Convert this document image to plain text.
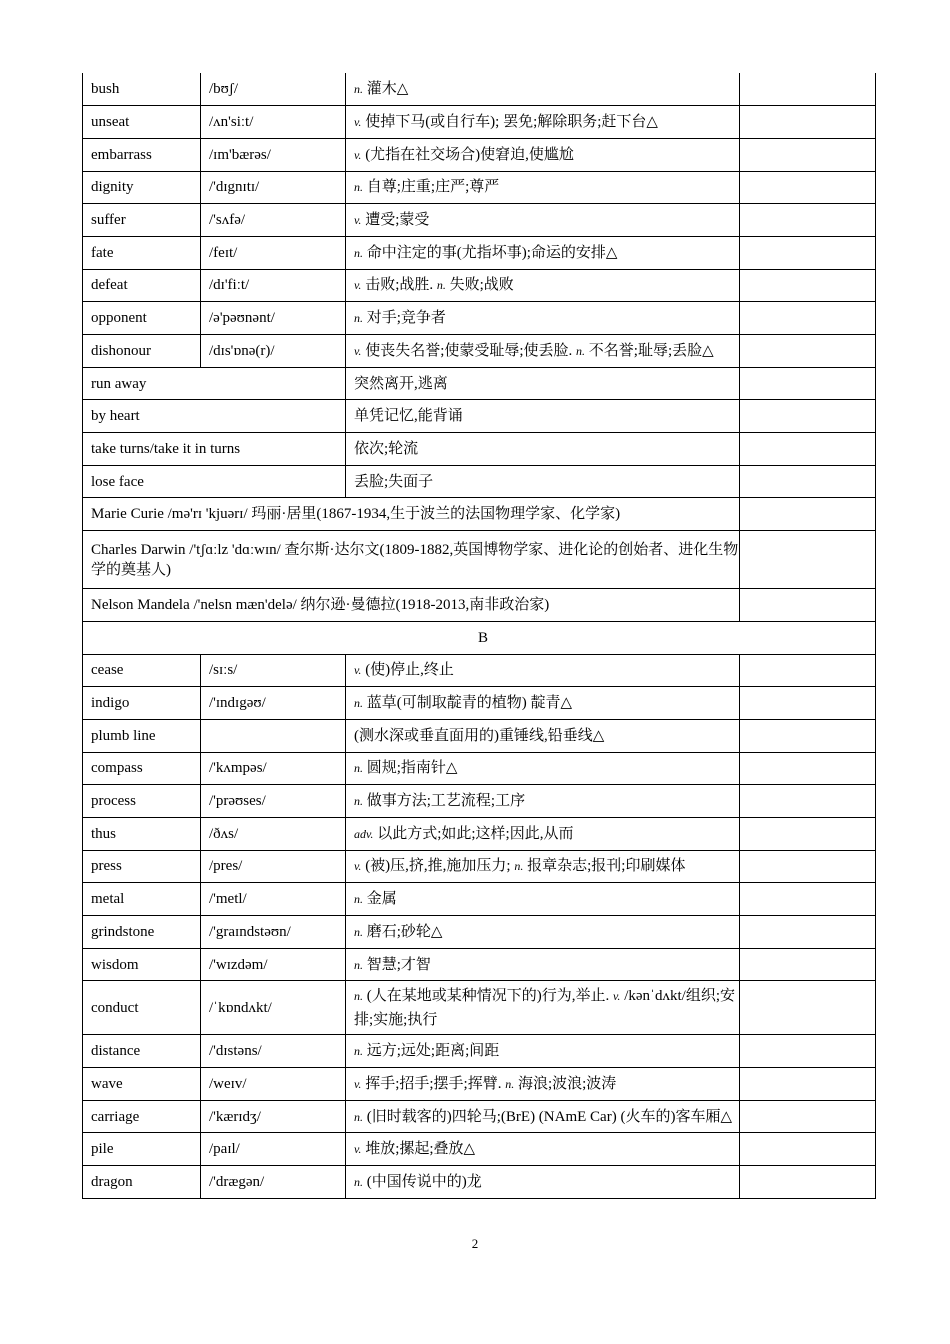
bush	/bʊʃ/	n. 灌木△	
unseat	/ʌn'siːt/	v. 使掉下马(或自行车); 罢免;解除职务;赶下台△	
embarrass	/ɪm'bærəs/	v. (尤指在社交场合)使窘迫,使尴尬	
dignity	/'dɪgnɪtɪ/	n. 自尊;庄重;庄严;尊严	
suffer	/'sʌfə/	v. 遭受;蒙受	
fate	/feɪt/	n. 命中注定的事(尤指坏事);命运的安排△	
defeat	/dɪ'fiːt/	v. 击败;战胜. n. 失败;战败	
opponent	/ə'pəʊnənt/	n. 对手;竞争者	
dishonour	/dɪs'ɒnə(r)/	v. 使丧失名誉;使蒙受耻辱;使丢脸. n. 不名誉;耻辱;丢脸△	
run away		突然离开,逃离	
by heart		单凭记忆,能背诵	
take turns/take it in turns		依次;轮流	
lose face		丢脸;失面子	
Marie Curie /mə'rɪ 'kjuərɪ/ 玛丽·居里(1867-1934,生于波兰的法国物理学家、化学家)			
Charles Darwin /'tʃɑːlz 'dɑːwɪn/ 查尔斯·达尔文(1809-1882,英国博物学家、进化论的创始者、进化生物学的奠基人)			
Nelson Mandela /'nelsn mæn'delə/ 纳尔逊·曼德拉(1918-2013,南非政治家)			
B			
cease	/sɪːs/	v. (使)停止,终止	
indigo	/'ɪndɪgəʊ/	n. 蓝草(可制取靛青的植物) 靛青△	
plumb line		(测水深或垂直面用的)重锤线,铅垂线△	
compass	/'kʌmpəs/	n. 圆规;指南针△	
process	/'prəʊses/	n. 做事方法;工艺流程;工序	
thus	/ðʌs/	adv. 以此方式;如此;这样;因此,从而	
press	/pres/	v. (被)压,挤,推,施加压力; n. 报章杂志;报刊;印刷媒体	
metal	/'metl/	n. 金属	
grindstone	/'graɪndstəʊn/	n. 磨石;砂轮△	
wisdom	/'wɪzdəm/	n. 智慧;才智	
conduct	/ˈkɒndʌkt/	n. (人在某地或某种情况下的)行为,举止. v. /kənˈdʌkt/组织;安排;实施;执行	
distance	/'dɪstəns/	n. 远方;远处;距离;间距	
wave	/weɪv/	v. 挥手;招手;摆手;挥臂. n. 海浪;波浪;波涛	
carriage	/'kærɪdʒ/	n. (旧时载客的)四轮马;(BrE) (NAmE Car) (火车的)客车厢△	
pile	/paɪl/	v. 堆放;摞起;叠放△	
dragon	/'drægən/	n. (中国传说中的)龙	
2
